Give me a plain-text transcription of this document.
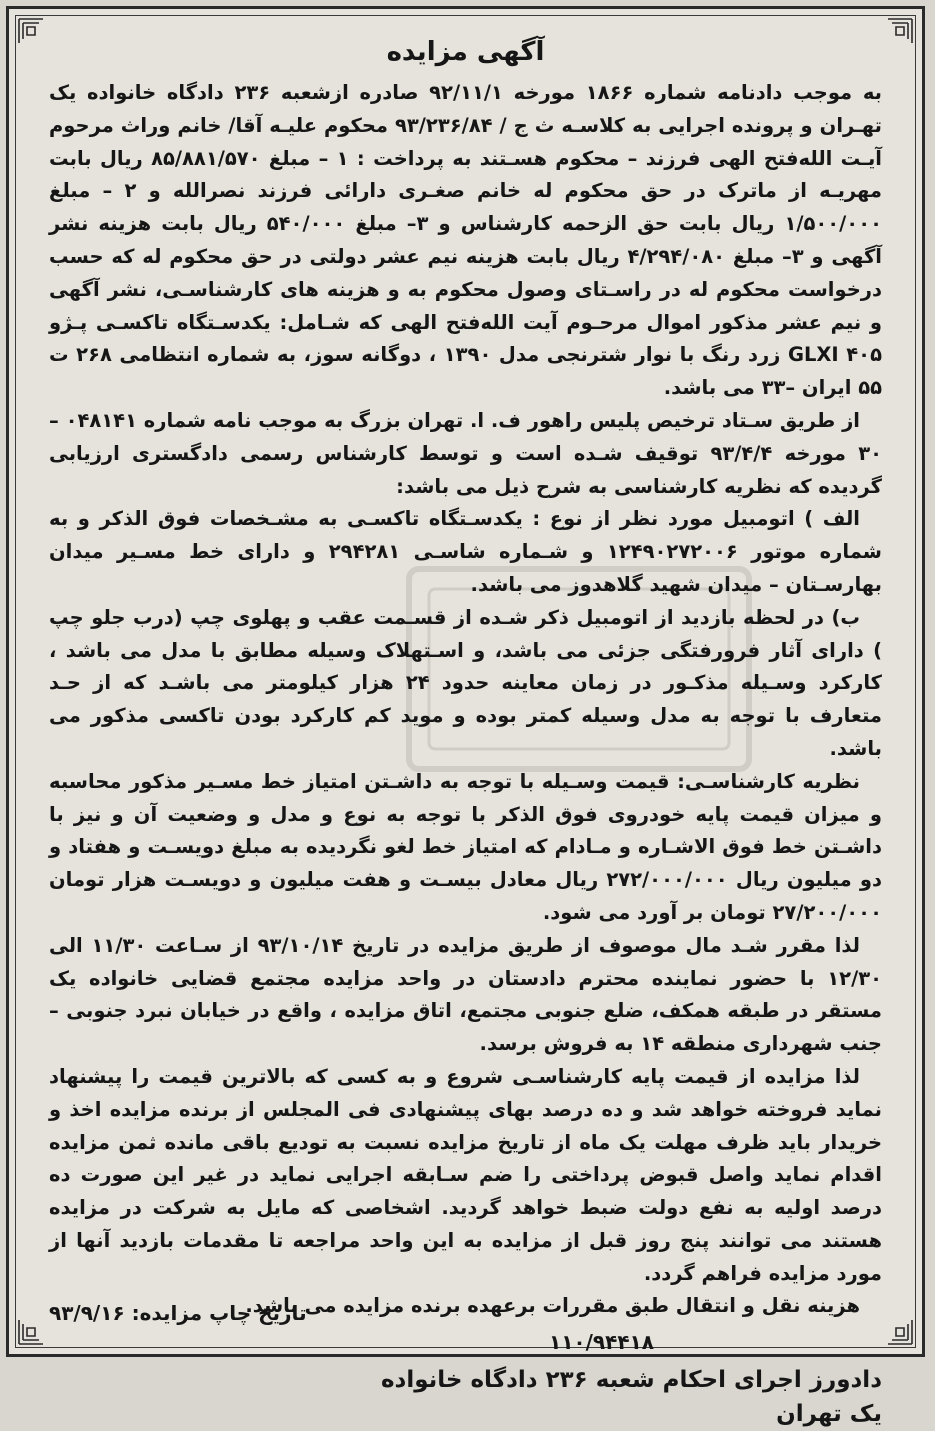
آگهی مزایده

به موجب دادنامه شماره ۱۸۶۶ مورخه ۹۲/۱۱/۱ صادره ازشعبه ۲۳۶ دادگاه خانواده یک تهـران و پرونده اجرایی به کلاسـه ث ج / ۹۳/۲۳۶/۸۴ محکوم علیـه آقا/ خانم وراث مرحوم آیـت الله‌فتح الهی فرزند – محکوم هسـتند به پرداخت : ۱ – مبلغ ۸۵/۸۸۱/۵۷۰ ریال بابت مهریـه از ماترک در حق محکوم له خانم صغـری دارائی فرزند نصرالله و ۲ – مبلغ ۱/۵۰۰/۰۰۰ ریال بابت حق الزحمه کارشناس و ۳– مبلغ ۵۴۰/۰۰۰ ریال بابت هزینه نشر آگهی و ۳– مبلغ ۴/۲۹۴/۰۸۰ ریال بابت هزینه نیم عشر دولتی در حق محکوم له که حسب درخواست محکوم له در راسـتای وصول محکوم به و هزینه های کارشناسـی، نشر آگهی و نیم عشر مذکور اموال مرحـوم آیت الله‌فتح الهی که شـامل: یکدسـتگاه تاکسـی پـژو ۴۰۵ GLXI زرد رنگ با نوار شترنجی مدل ۱۳۹۰ ، دوگانه سوز، به شماره انتظامی ۲۶۸ ت ۵۵ ایران –۳۳ می باشد.

از طریق سـتاد ترخیص پلیس راهور ف. ا. تهران بزرگ به موجب نامه شماره ۰۴۸۱۴۱ – ۳۰ مورخه ۹۳/۴/۴ توقیف شـده است و توسط کارشناس رسمی دادگستری ارزیابی گردیده که نظریه کارشناسی به شرح ذیل می باشد:

الف ) اتومبیل مورد نظر از نوع : یکدسـتگاه تاکسـی به مشـخصات فوق الذکر و به شماره موتور ۱۲۴۹۰۲۷۲۰۰۶ و شـماره شاسـی ۲۹۴۲۸۱ و دارای خط مسـیر میدان بهارسـتان – میدان شهید گلاهدوز می باشد.

ب) در لحظه بازدید از اتومبیل ذکر شـده از قسـمت عقب و پهلوی چپ (درب جلو چپ ) دارای آثار فرورفتگی جزئی می باشد، و اسـتهلاک وسیله مطابق با مدل می باشد ، کارکرد وسـیله مذکـور در زمان معاینه حدود ۲۴ هزار کیلومتر می باشـد که از حـد متعارف با توجه به مدل وسیله کمتر بوده و موید کم کارکرد بودن تاکسی مذکور می باشد.

نظریه کارشناسـی: قیمت وسـیله با توجه به داشـتن امتیاز خط مسـیر مذکور محاسبه و میزان قیمت پایه خودروی فوق الذکر با توجه به نوع و مدل و وضعیت آن و نیز با داشـتن خط فوق الاشـاره و مـادام که امتیاز خط لغو نگردیده به مبلغ دویسـت و هفتاد و دو میلیون ریال ۲۷۲/۰۰۰/۰۰۰ ریال معادل بیسـت و هفت میلیون و دویسـت هزار تومان ۲۷/۲۰۰/۰۰۰ تومان بر آورد می شود.

لذا مقرر شـد مال موصوف از طریق مزایده در تاریخ ۹۳/۱۰/۱۴ از سـاعت ۱۱/۳۰ الی ۱۲/۳۰ با حضور نماینده محترم دادستان در واحد مزایده مجتمع قضایی خانواده یک مستقر در طبقه همکف، ضلع جنوبی مجتمع، اتاق مزایده ، واقع در خیابان نبرد جنوبی – جنب شهرداری منطقه ۱۴ به فروش برسد.

لذا مزایده از قیمت پایه کارشناسـی شروع و به کسی که بالاترین قیمت را پیشنهاد نماید فروخته خواهد شد و ده درصد بهای پیشنهادی فی المجلس از برنده مزایده اخذ و خریدار باید ظرف مهلت یک ماه از تاریخ مزایده نسبت به تودیع باقی مانده ثمن مزایده اقدام نماید واصل قبوض پرداختی را ضم سـابقه اجرایی نماید در غیر این صورت ده درصد اولیه به نفع دولت ضبط خواهد گردید. اشخاصی که مایل به شرکت در مزایده هستند می توانند پنج روز قبل از مزایده به این واحد مراجعه تا مقدمات بازدید آنها از مورد مزایده فراهم گردد.

هزینه نقل و انتقال طبق مقررات برعهده برنده مزایده می باشد.

۱۱۰/۹۴۴۱۸
دادورز اجرای احکام شعبه ۲۳۶ دادگاه خانواده
یک تهران
تاریخ چاپ مزایده: ۹۳/۹/۱۶
